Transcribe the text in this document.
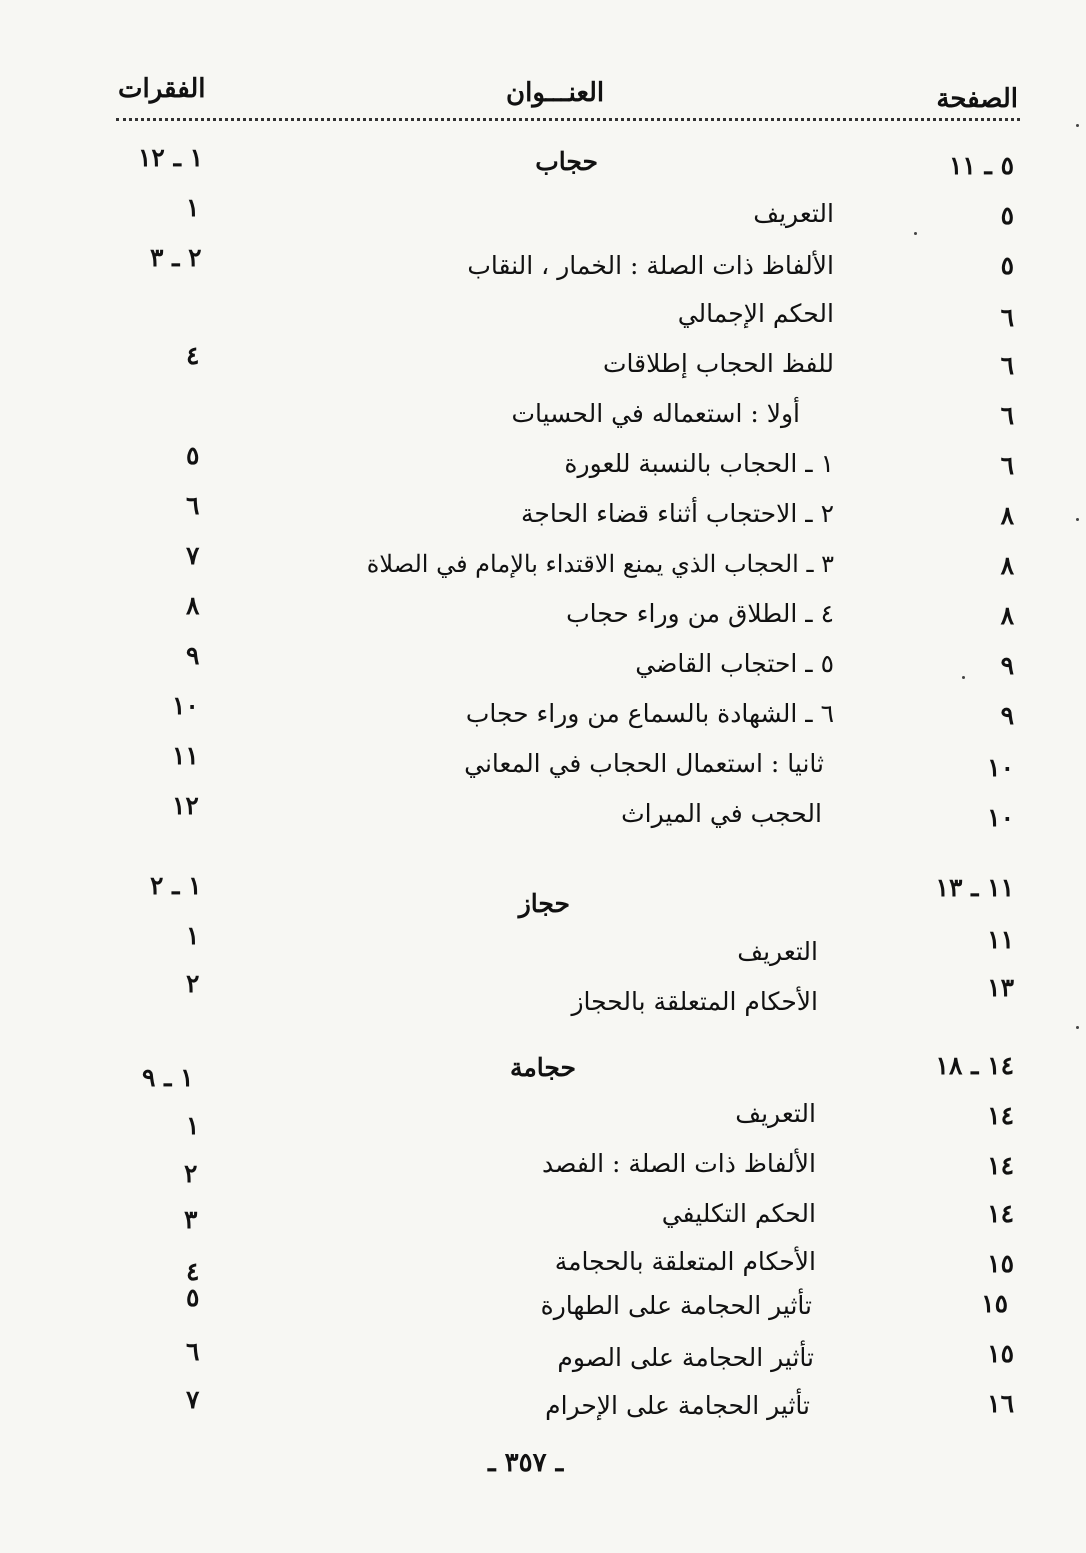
الصفحة
العنـــوان
الفقرات
٥ ـ ١١
حجاب
١ ـ ١٢
٥
التعريف
١
٥
الألفاظ ذات الصلة : الخمار ، النقاب
٢ ـ ٣
٦
الحكم الإجمالي
٦
للفظ الحجاب إطلاقات
٤
٦
أولا : استعماله في الحسيات
٦
١ ـ الحجاب بالنسبة للعورة
٥
٨
٢ ـ الاحتجاب أثناء قضاء الحاجة
٦
٨
٣ ـ الحجاب الذي يمنع الاقتداء بالإمام في الصلاة
٧
٨
٤ ـ الطلاق من وراء حجاب
٨
٩
٥ ـ احتجاب القاضي
٩
٩
٦ ـ الشهادة بالسماع من وراء حجاب
١٠
١٠
ثانيا : استعمال الحجاب في المعاني
١١
١٠
الحجب في الميراث
١٢
١١ ـ ١٣
١ ـ ٢
حجاز
١١
التعريف
١
١٣
الأحكام المتعلقة بالحجاز
٢
١٤ ـ ١٨
حجامة
١ ـ ٩
١٤
التعريف
١
١٤
الألفاظ ذات الصلة : الفصد
٢
١٤
الحكم التكليفي
٣
١٥
الأحكام المتعلقة بالحجامة
٤
١٥
تأثير الحجامة على الطهارة
٥
١٥
تأثير الحجامة على الصوم
٦
١٦
تأثير الحجامة على الإحرام
٧
ـ ٣٥٧ ـ
